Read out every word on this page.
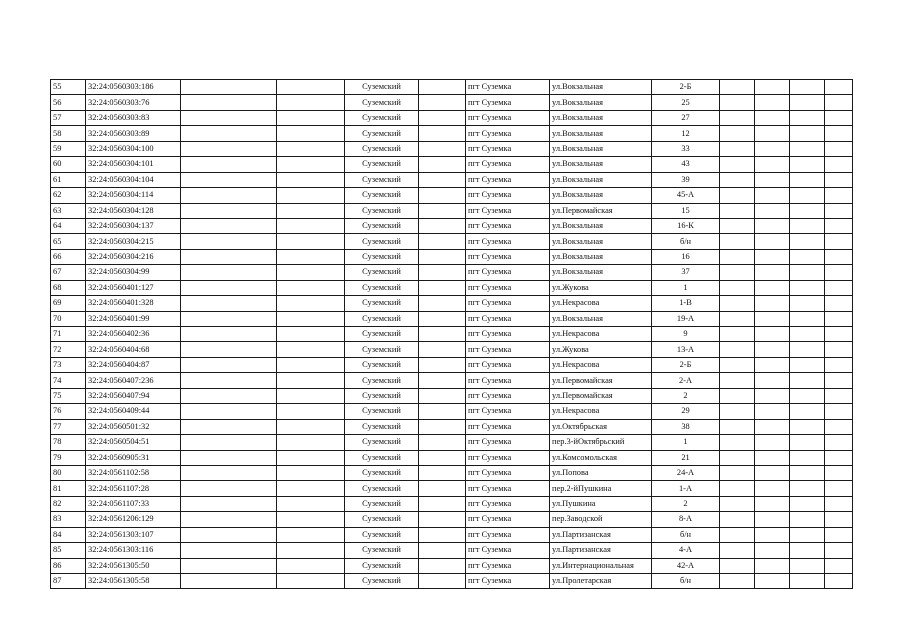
55	32:24:0560303:186			Суземский		пгт Суземка	ул.Вокзальная	2-Б				
56	32:24:0560303:76			Суземский		пгт Суземка	ул.Вокзальная	25				
57	32:24:0560303:83			Суземский		пгт Суземка	ул.Вокзальная	27				
58	32:24:0560303:89			Суземский		пгт Суземка	ул.Вокзальная	12				
59	32:24:0560304:100			Суземский		пгт Суземка	ул.Вокзальная	33				
60	32:24:0560304:101			Суземский		пгт Суземка	ул.Вокзальная	43				
61	32:24:0560304:104			Суземский		пгт Суземка	ул.Вокзальная	39				
62	32:24:0560304:114			Суземский		пгт Суземка	ул.Вокзальная	45-А				
63	32:24:0560304:128			Суземский		пгт Суземка	ул.Первомайская	15				
64	32:24:0560304:137			Суземский		пгт Суземка	ул.Вокзальная	16-К				
65	32:24:0560304:215			Суземский		пгт Суземка	ул.Вокзальная	б/н				
66	32:24:0560304:216			Суземский		пгт Суземка	ул.Вокзальная	16				
67	32:24:0560304:99			Суземский		пгт Суземка	ул.Вокзальная	37				
68	32:24:0560401:127			Суземский		пгт Суземка	ул.Жукова	1				
69	32:24:0560401:328			Суземский		пгт Суземка	ул.Некрасова	1-В				
70	32:24:0560401:99			Суземский		пгт Суземка	ул.Вокзальная	19-А				
71	32:24:0560402:36			Суземский		пгт Суземка	ул.Некрасова	9				
72	32:24:0560404:68			Суземский		пгт Суземка	ул.Жукова	13-А				
73	32:24:0560404:87			Суземский		пгт Суземка	ул.Некрасова	2-Б				
74	32:24:0560407:236			Суземский		пгт Суземка	ул.Первомайская	2-А				
75	32:24:0560407:94			Суземский		пгт Суземка	ул.Первомайская	2				
76	32:24:0560409:44			Суземский		пгт Суземка	ул.Некрасова	29				
77	32:24:0560501:32			Суземский		пгт Суземка	ул.Октябрьская	38				
78	32:24:0560504:51			Суземский		пгт Суземка	пер.3-йОктябрьский	1				
79	32:24:0560905:31			Суземский		пгт Суземка	ул.Комсомольская	21				
80	32:24:0561102:58			Суземский		пгт Суземка	ул.Попова	24-А				
81	32:24:0561107:28			Суземский		пгт Суземка	пер.2-йПушкина	1-А				
82	32:24:0561107:33			Суземский		пгт Суземка	ул.Пушкина	2				
83	32:24:0561206:129			Суземский		пгт Суземка	пер.Заводской	8-А				
84	32:24:0561303:107			Суземский		пгт Суземка	ул.Партизанская	б/н				
85	32:24:0561303:116			Суземский		пгт Суземка	ул.Партизанская	4-А				
86	32:24:0561305:50			Суземский		пгт Суземка	ул.Интернациональная	42-А				
87	32:24:0561305:58			Суземский		пгт Суземка	ул.Пролетарская	б/н				
